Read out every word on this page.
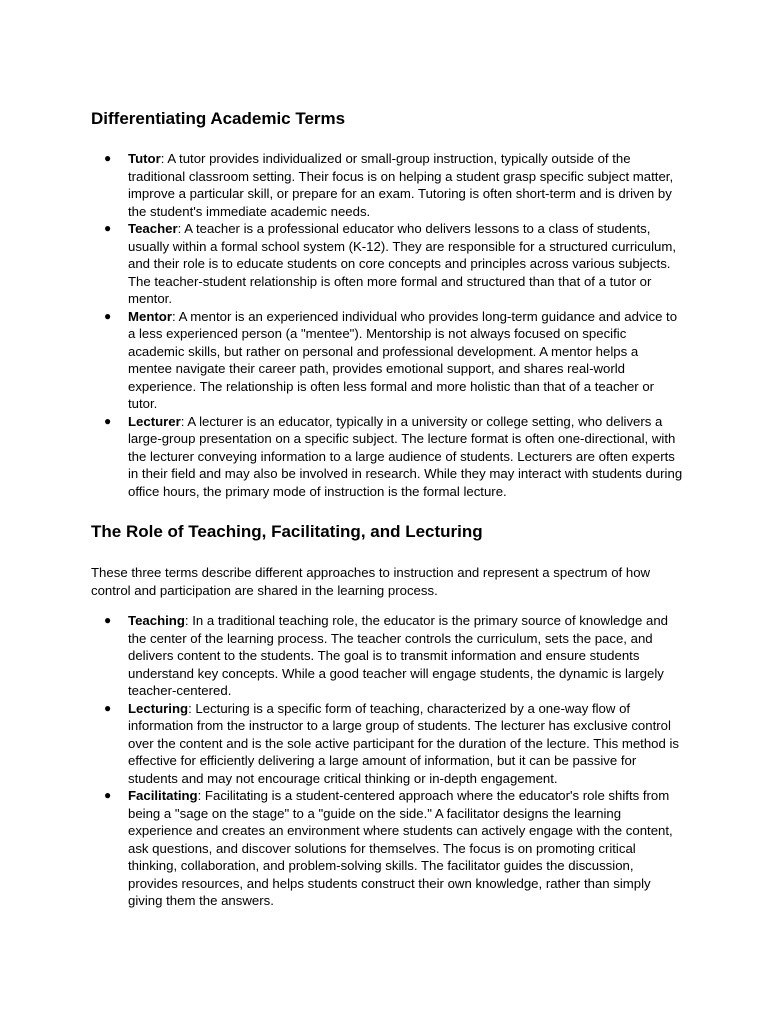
Differentiating Academic Terms
● Tutor: A tutor provides individualized or small-group instruction, typically outside of the traditional classroom setting. Their focus is on helping a student grasp specific subject matter, improve a particular skill, or prepare for an exam. Tutoring is often short-term and is driven by the student's immediate academic needs.
● Teacher: A teacher is a professional educator who delivers lessons to a class of students, usually within a formal school system (K-12). They are responsible for a structured curriculum, and their role is to educate students on core concepts and principles across various subjects. The teacher-student relationship is often more formal and structured than that of a tutor or mentor.
● Mentor: A mentor is an experienced individual who provides long-term guidance and advice to a less experienced person (a "mentee"). Mentorship is not always focused on specific academic skills, but rather on personal and professional development. A mentor helps a mentee navigate their career path, provides emotional support, and shares real-world experience. The relationship is often less formal and more holistic than that of a teacher or tutor.
● Lecturer: A lecturer is an educator, typically in a university or college setting, who delivers a large-group presentation on a specific subject. The lecture format is often one-directional, with the lecturer conveying information to a large audience of students. Lecturers are often experts in their field and may also be involved in research. While they may interact with students during office hours, the primary mode of instruction is the formal lecture.
The Role of Teaching, Facilitating, and Lecturing

These three terms describe different approaches to instruction and represent a spectrum of how control and participation are shared in the learning process.

● Teaching: In a traditional teaching role, the educator is the primary source of knowledge and the center of the learning process. The teacher controls the curriculum, sets the pace, and delivers content to the students. The goal is to transmit information and ensure students understand key concepts. While a good teacher will engage students, the dynamic is largely teacher-centered.
● Lecturing: Lecturing is a specific form of teaching, characterized by a one-way flow of information from the instructor to a large group of students. The lecturer has exclusive control over the content and is the sole active participant for the duration of the lecture. This method is effective for efficiently delivering a large amount of information, but it can be passive for students and may not encourage critical thinking or in-depth engagement.
● Facilitating: Facilitating is a student-centered approach where the educator's role shifts from being a "sage on the stage" to a "guide on the side." A facilitator designs the learning experience and creates an environment where students can actively engage with the content, ask questions, and discover solutions for themselves. The focus is on promoting critical thinking, collaboration, and problem-solving skills. The facilitator guides the discussion, provides resources, and helps students construct their own knowledge, rather than simply giving them the answers.
